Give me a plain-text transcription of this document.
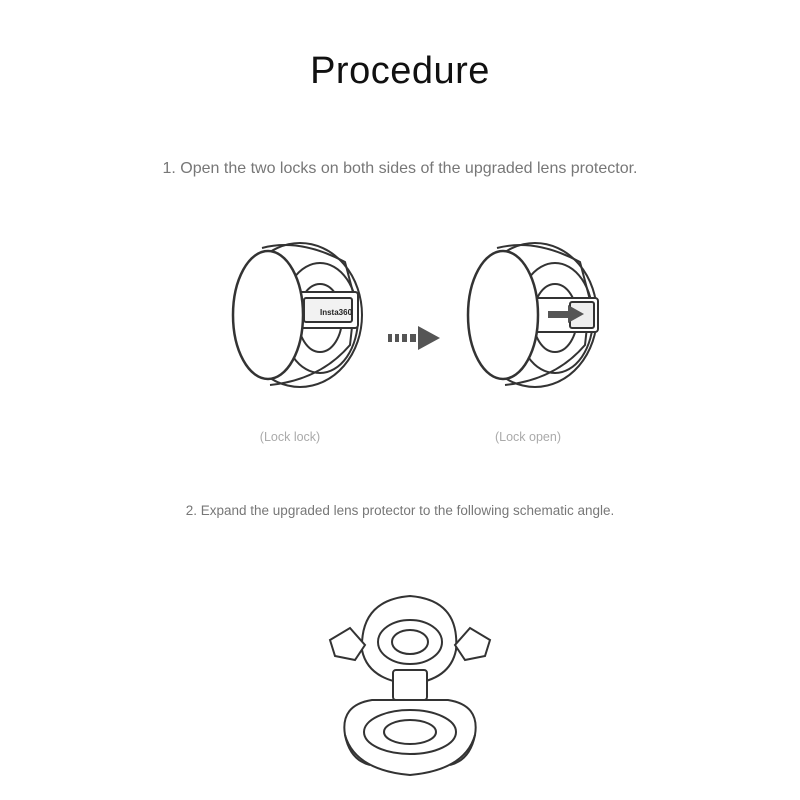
Procedure
1. Open the two locks on both sides of the upgraded lens protector.
Insta360
(Lock lock)	(Lock open)
2. Expand the upgraded lens protector to the following schematic angle.
